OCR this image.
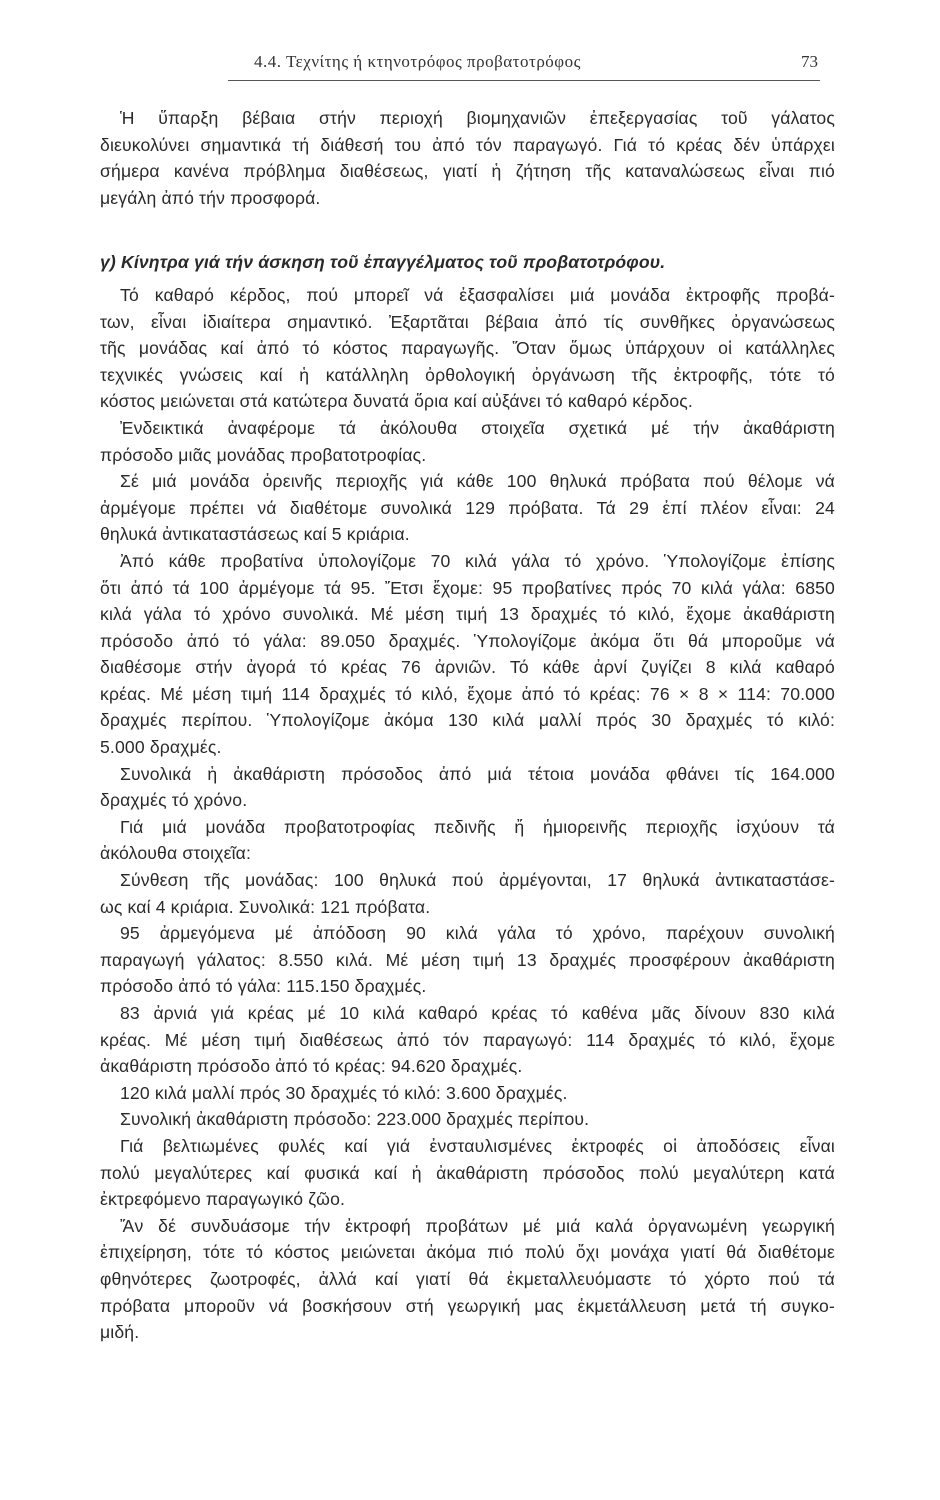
4.4. Τεχνίτης ή κτηνοτρόφος προβατοτρόφος	73
Ἡ ὕπαρξη βέβαια στήν περιοχή βιομηχανιῶν ἐπεξεργασίας τοῦ γάλατος
διευκολύνει σημαντικά τή διάθεσή του ἀπό τόν παραγωγό. Γιά τό κρέας δέν ὑπάρχει
σήμερα κανένα πρόβλημα διαθέσεως, γιατί ἡ ζήτηση τῆς καταναλώσεως εἶναι πιό
μεγάλη ἀπό τήν προσφορά.
γ) Κίνητρα γιά τήν άσκηση τοῦ ἐπαγγέλματος τοῦ προβατοτρόφου.
Τό καθαρό κέρδος, πού μπορεῖ νά ἐξασφαλίσει μιά μονάδα ἐκτροφῆς προβά-
των, εἶναι ἰδιαίτερα σημαντικό. Ἐξαρτᾶται βέβαια ἀπό τίς συνθῆκες ὀργανώσεως
τῆς μονάδας καί ἀπό τό κόστος παραγωγῆς. Ὅταν ὅμως ὑπάρχουν οἱ κατάλληλες
τεχνικές γνώσεις καί ἡ κατάλληλη ὀρθολογική ὀργάνωση τῆς ἐκτροφῆς, τότε τό
κόστος μειώνεται στά κατώτερα δυνατά ὅρια καί αὐξάνει τό καθαρό κέρδος.
Ἐνδεικτικά ἀναφέρομε τά ἀκόλουθα στοιχεῖα σχετικά μέ τήν ἀκαθάριστη
πρόσοδο μιᾶς μονάδας προβατοτροφίας.
Σέ μιά μονάδα ὀρεινῆς περιοχῆς γιά κάθε 100 θηλυκά πρόβατα πού θέλομε νά
ἀρμέγομε πρέπει νά διαθέτομε συνολικά 129 πρόβατα. Τά 29 ἐπί πλέον εἶναι: 24
θηλυκά ἀντικαταστάσεως καί 5 κριάρια.
Ἀπό κάθε προβατίνα ὑπολογίζομε 70 κιλά γάλα τό χρόνο. Ὑπολογίζομε ἐπίσης
ὅτι ἀπό τά 100 ἀρμέγομε τά 95. Ἔτσι ἔχομε: 95 προβατίνες πρός 70 κιλά γάλα: 6850
κιλά γάλα τό χρόνο συνολικά. Μέ μέση τιμή 13 δραχμές τό κιλό, ἔχομε ἀκαθάριστη
πρόσοδο ἀπό τό γάλα: 89.050 δραχμές. Ὑπολογίζομε ἀκόμα ὅτι θά μποροῦμε νά
διαθέσομε στήν ἀγορά τό κρέας 76 ἀρνιῶν. Τό κάθε ἀρνί ζυγίζει 8 κιλά καθαρό
κρέας. Μέ μέση τιμή 114 δραχμές τό κιλό, ἔχομε ἀπό τό κρέας: 76 × 8 × 114: 70.000
δραχμές περίπου. Ὑπολογίζομε ἀκόμα 130 κιλά μαλλί πρός 30 δραχμές τό κιλό:
5.000 δραχμές.
Συνολικά ἡ ἀκαθάριστη πρόσοδος ἀπό μιά τέτοια μονάδα φθάνει τίς 164.000
δραχμές τό χρόνο.
Γιά μιά μονάδα προβατοτροφίας πεδινῆς ἤ ἡμιορεινῆς περιοχῆς ἰσχύουν τά
ἀκόλουθα στοιχεῖα:
Σύνθεση τῆς μονάδας: 100 θηλυκά πού ἀρμέγονται, 17 θηλυκά ἀντικαταστάσε-
ως καί 4 κριάρια. Συνολικά: 121 πρόβατα.
95 ἀρμεγόμενα μέ ἀπόδοση 90 κιλά γάλα τό χρόνο, παρέχουν συνολική
παραγωγή γάλατος: 8.550 κιλά. Μέ μέση τιμή 13 δραχμές προσφέρουν ἀκαθάριστη
πρόσοδο ἀπό τό γάλα: 115.150 δραχμές.
83 ἀρνιά γιά κρέας μέ 10 κιλά καθαρό κρέας τό καθένα μᾶς δίνουν 830 κιλά
κρέας. Μέ μέση τιμή διαθέσεως ἀπό τόν παραγωγό: 114 δραχμές τό κιλό, ἔχομε
ἀκαθάριστη πρόσοδο ἀπό τό κρέας: 94.620 δραχμές.
120 κιλά μαλλί πρός 30 δραχμές τό κιλό: 3.600 δραχμές.
Συνολική ἀκαθάριστη πρόσοδο: 223.000 δραχμές περίπου.
Γιά βελτιωμένες φυλές καί γιά ἐνσταυλισμένες ἐκτροφές οἱ ἀποδόσεις εἶναι
πολύ μεγαλύτερες καί φυσικά καί ἡ ἀκαθάριστη πρόσοδος πολύ μεγαλύτερη κατά
ἐκτρεφόμενο παραγωγικό ζῶο.
Ἄν δέ συνδυάσομε τήν ἐκτροφή προβάτων μέ μιά καλά ὀργανωμένη γεωργική
ἐπιχείρηση, τότε τό κόστος μειώνεται ἀκόμα πιό πολύ ὄχι μονάχα γιατί θά διαθέτομε
φθηνότερες ζωοτροφές, ἀλλά καί γιατί θά ἐκμεταλλευόμαστε τό χόρτο πού τά
πρόβατα μποροῦν νά βοσκήσουν στή γεωργική μας ἐκμετάλλευση μετά τή συγκο-
μιδή.
